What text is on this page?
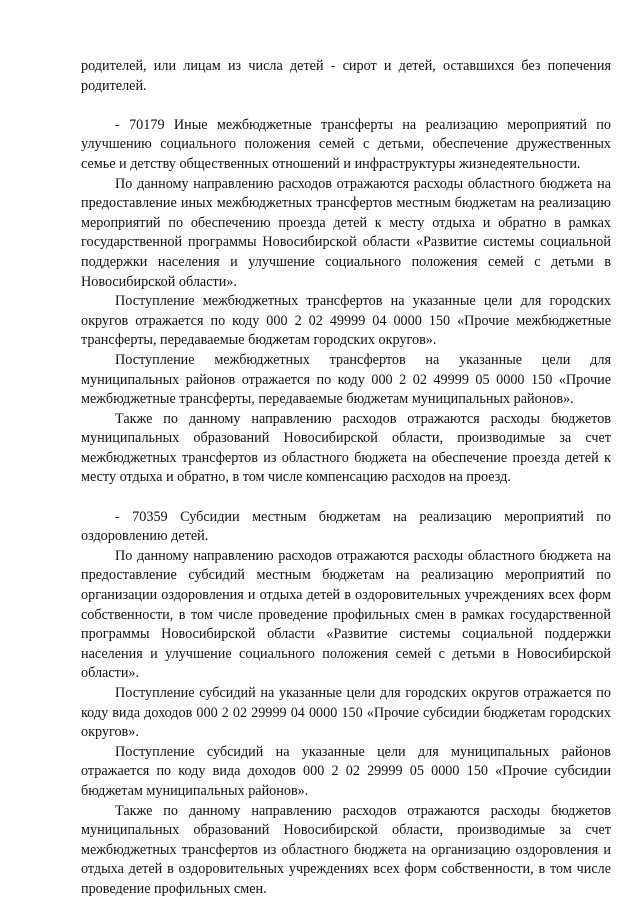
родителей, или лицам из числа детей - сирот и детей, оставшихся без попечения родителей.

- 70179 Иные межбюджетные трансферты на реализацию мероприятий по улучшению социального положения семей с детьми, обеспечение дружественных семье и детству общественных отношений и инфраструктуры жизнедеятельности.

По данному направлению расходов отражаются расходы областного бюджета на предоставление иных межбюджетных трансфертов местным бюджетам на реализацию мероприятий по обеспечению проезда детей к месту отдыха и обратно в рамках государственной программы Новосибирской области «Развитие системы социальной поддержки населения и улучшение социального положения семей с детьми в Новосибирской области».

Поступление межбюджетных трансфертов на указанные цели для городских округов отражается по коду 000 2 02 49999 04 0000 150 «Прочие межбюджетные трансферты, передаваемые бюджетам городских округов».

Поступление межбюджетных трансфертов на указанные цели для муниципальных районов отражается по коду 000 2 02 49999 05 0000 150 «Прочие межбюджетные трансферты, передаваемые бюджетам муниципальных районов».

Также по данному направлению расходов отражаются расходы бюджетов муниципальных образований Новосибирской области, производимые за счет межбюджетных трансфертов из областного бюджета на обеспечение проезда детей к месту отдыха и обратно, в том числе компенсацию расходов на проезд.

- 70359 Субсидии местным бюджетам на реализацию мероприятий по оздоровлению детей.

По данному направлению расходов отражаются расходы областного бюджета на предоставление субсидий местным бюджетам на реализацию мероприятий по организации оздоровления и отдыха детей в оздоровительных учреждениях всех форм собственности, в том числе проведение профильных смен в рамках государственной программы Новосибирской области «Развитие системы социальной поддержки населения и улучшение социального положения семей с детьми в Новосибирской области».

Поступление субсидий на указанные цели для городских округов отражается по коду вида доходов 000 2 02 29999 04 0000 150 «Прочие субсидии бюджетам городских округов».

Поступление субсидий на указанные цели для муниципальных районов отражается по коду вида доходов 000 2 02 29999 05 0000 150 «Прочие субсидии бюджетам муниципальных районов».

Также по данному направлению расходов отражаются расходы бюджетов муниципальных образований Новосибирской области, производимые за счет межбюджетных трансфертов из областного бюджета на организацию оздоровления и отдыха детей в оздоровительных учреждениях всех форм собственности, в том числе проведение профильных смен.
